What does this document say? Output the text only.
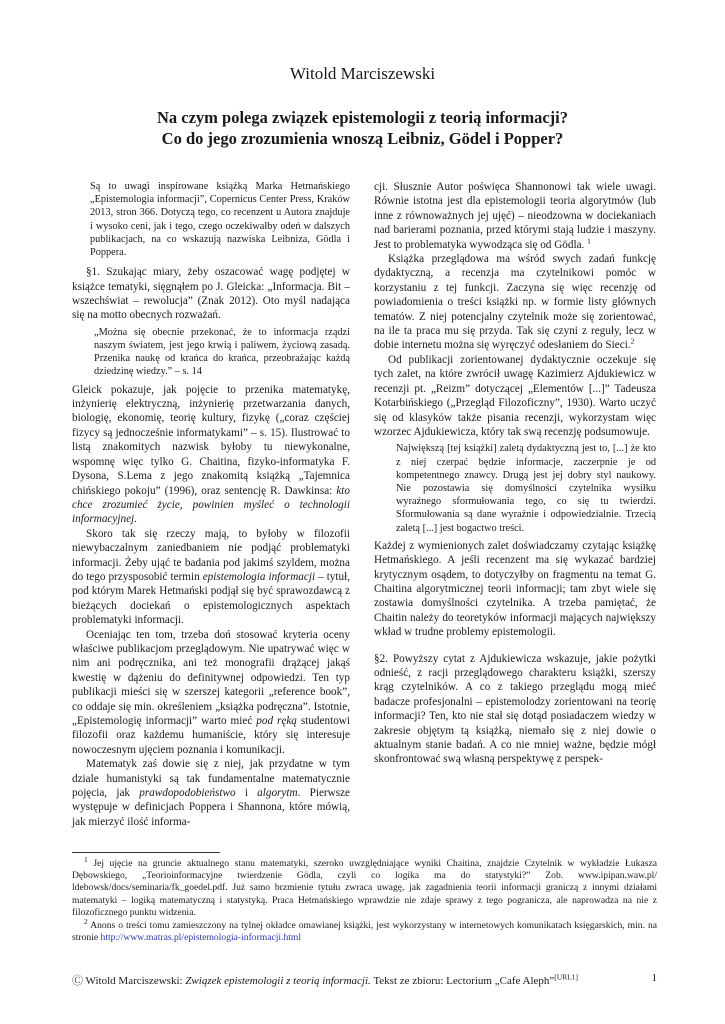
Witold Marciszewski
Na czym polega związek epistemologii z teorią informacji?
Co do jego zrozumienia wnoszą Leibniz, Gödel i Popper?

Są to uwagi inspirowane książką Marka Hetmańskiego „Epistemologia informacji”, Copernicus Center Press, Kraków 2013, stron 366. Dotyczą tego, co recenzent u Autora znajduje i wysoko ceni, jak i tego, czego oczekiwałby odeń w dalszych publikacjach, na co wskazują nazwiska Leibniza, Gödla i Poppera.

§1. Szukając miary, żeby oszacować wagę podjętej w książce tematyki, sięgnąłem po J. Gleicka: „Informacja. Bit – wszechświat – rewolucja” (Znak 2012). Oto myśl nadająca się na motto obecnych rozważań.

„Można się obecnie przekonać, że to informacja rządzi naszym światem, jest jego krwią i paliwem, życiową zasadą. Przenika naukę od krańca do krańca, przeobrażając każdą dziedzinę wiedzy.” – s. 14

Gleick pokazuje, jak pojęcie to przenika matematykę, inżynierię elektryczną, inżynierię przetwarzania danych, biologię, ekonomię, teorię kultury, fizykę („coraz częściej fizycy są jednocześnie informatykami” – s. 15). Ilustrować to listą znakomitych nazwisk byłoby tu niewykonalne, wspomnę więc tylko G. Chaitina, fizyko-informatyka F. Dysona, S.Lema z jego znakomitą książką „Tajemnica chińskiego pokoju” (1996), oraz sentencję R. Dawkinsa: kto chce zrozumieć życie, powinien myśleć o technologii informacyjnej.

Skoro tak się rzeczy mają, to byłoby w filozofii niewybaczalnym zaniedbaniem nie podjąć problematyki informacji. Żeby ująć te badania pod jakimś szyldem, można do tego przysposobić termin epistemologia informacji – tytuł, pod którym Marek Hetmański podjął się być sprawozdawcą z bieżących dociekań o epistemologicznych aspektach problematyki informacji.

Oceniając ten tom, trzeba doń stosować kryteria oceny właściwe publikacjom przeglądowym. Nie upatrywać więc w nim ani podręcznika, ani też monografii drążącej jakąś kwestię w dążeniu do definitywnej odpowiedzi. Ten typ publikacji mieści się w szerszej kategorii „reference book”, co oddaje się min. określeniem „książka podręczna”. Istotnie, „Epistemologię informacji” warto mieć pod ręką studentowi filozofii oraz każdemu humaniście, który się interesuje nowoczesnym ujęciem poznania i komunikacji.

Matematyk zaś dowie się z niej, jak przydatne w tym dziale humanistyki są tak fundamentalne matematycznie pojęcia, jak prawdopodobieństwo i algorytm. Pierwsze występuje w definicjach Poppera i Shannona, które mówią, jak mierzyć ilość informa-

cji. Słusznie Autor poświęca Shannonowi tak wiele uwagi. Równie istotna jest dla epistemologii teoria algorytmów (lub inne z równoważnych jej ujęć) – nieodzowna w dociekaniach nad barierami poznania, przed którymi stają ludzie i maszyny. Jest to problematyka wywodząca się od Gödla. $^1$

Książka przeglądowa ma wśród swych zadań funkcję dydaktyczną, a recenzja ma czytelnikowi pomóc w korzystaniu z tej funkcji. Zaczyna się więc recenzję od powiadomienia o treści książki np. w formie listy głównych tematów. Z niej potencjalny czytelnik może się zorientować, na ile ta praca mu się przyda. Tak się czyni z reguły, lecz w dobie internetu można się wyręczyć odesłaniem do Sieci.$^2$

Od publikacji zorientowanej dydaktycznie oczekuje się tych zalet, na które zwrócił uwagę Kazimierz Ajdukiewicz w recenzji pt. „Reizm” dotyczącej „Elementów [...]” Tadeusza Kotarbińskiego („Przegląd Filozoficzny”, 1930). Warto uczyć się od klasyków także pisania recenzji, wykorzystam więc wzorzec Ajdukiewicza, który tak swą recenzję podsumowuje.

Największą [tej książki] zaletą dydaktyczną jest to, [...] że kto z niej czerpać będzie informacje, zaczerpnie je od kompetentnego znawcy. Drugą jest jej dobry styl naukowy. Nie pozostawia się domyślności czytelnika wysiłku wyraźnego sformułowania tego, co się tu twierdzi. Sformułowania są dane wyraźnie i odpowiedzialnie. Trzecią zaletą [...] jest bogactwo treści.

Każdej z wymienionych zalet doświadczamy czytając książkę Hetmańskiego. A jeśli recenzent ma się wykazać bardziej krytycznym osądem, to dotyczyłby on fragmentu na temat G. Chaitina algorytmicznej teorii informacji; tam zbyt wiele się zostawia domyślności czytelnika. A trzeba pamiętać, że Chaitin należy do teoretyków informacji mających największy wkład w trudne problemy epistemologii.

§2. Powyższy cytat z Ajdukiewicza wskazuje, jakie pożytki odnieść, z racji przeglądowego charakteru książki, szerszy krąg czytelników. A co z takiego przeglądu mogą mieć badacze profesjonalni – epistemolodzy zorientowani na teorię informacji? Ten, kto nie stał się dotąd posiadaczem wiedzy w zakresie objętym tą książką, niemało się z niej dowie o aktualnym stanie badań. A co nie mniej ważne, będzie mógł skonfrontować swą własną perspektywę z perspek-

$^1$ Jej ujęcie na gruncie aktualnego stanu matematyki, szeroko uwzględniające wyniki Chaitina, znajdzie Czytelnik w wykładzie Łukasza Dębowskiego, „Teorioinformacyjne twierdzenie Gödla, czyli co logika ma do statystyki?” Zob. www.ipipan.waw.pl/ ldebowsk/docs/seminaria/fk_goedel.pdf. Już samo brzmienie tytułu zwraca uwagę, jak zagadnienia teorii informacji graniczą z innymi działami matematyki – logiką matematyczną i statystyką. Praca Hetmańskiego wprawdzie nie zdaje sprawy z tego pogranicza, ale naprowadza na nie z filozoficznego punktu widzenia.

$^2$ Anons o treści tomu zamieszczony na tylnej okładce omawianej książki, jest wykorzystany w internetowych komunikatach księgarskich, min. na stronie http://www.matras.pl/epistemologia-informacji.html

Ⓒ Witold Marciszewski: Związek epistemologii z teorią informacji. Tekst ze zbioru: Lectorium „Cafe Aleph”[URL1]	1
